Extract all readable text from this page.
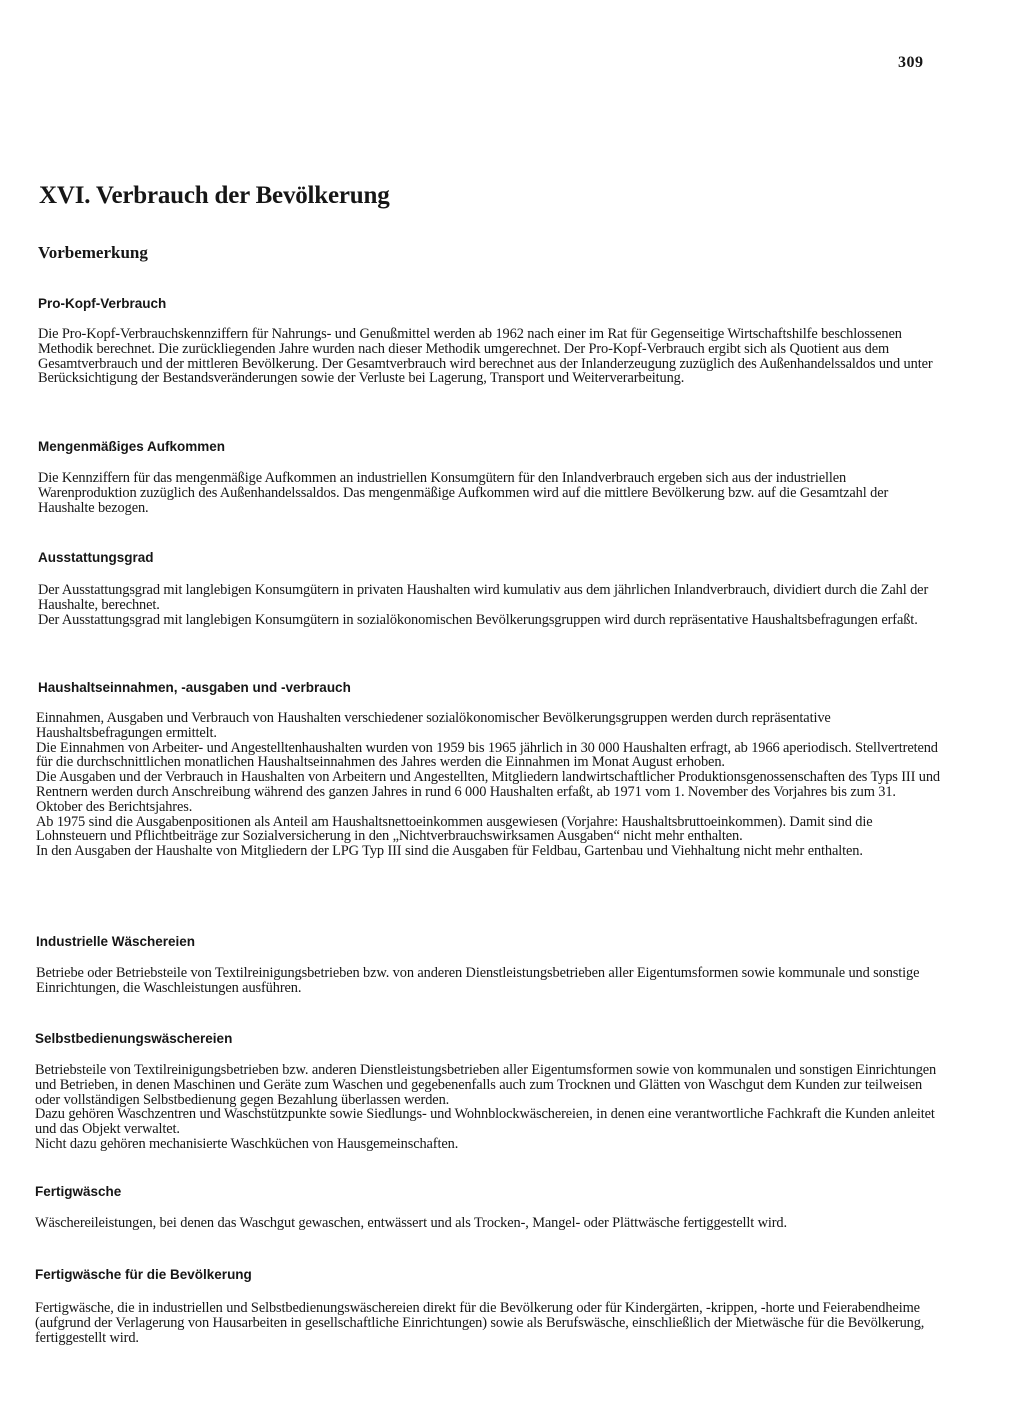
309
XVI. Verbrauch der Bevölkerung
Vorbemerkung
Pro-Kopf-Verbrauch

Die Pro-Kopf-Verbrauchskennziffern für Nahrungs- und Genußmittel werden ab 1962 nach einer im Rat für Gegenseitige Wirtschaftshilfe beschlossenen Methodik berechnet. Die zurückliegenden Jahre wurden nach dieser Methodik umgerechnet. Der Pro-Kopf-Verbrauch ergibt sich als Quotient aus dem Gesamtverbrauch und der mittleren Bevölkerung. Der Gesamtverbrauch wird berechnet aus der Inlanderzeugung zuzüglich des Außenhandelssaldos und unter Berücksichtigung der Bestandsveränderungen sowie der Verluste bei Lagerung, Transport und Weiterverarbeitung.

Mengenmäßiges Aufkommen

Die Kennziffern für das mengenmäßige Aufkommen an industriellen Konsumgütern für den Inlandverbrauch ergeben sich aus der industriellen Warenproduktion zuzüglich des Außenhandelssaldos. Das mengenmäßige Aufkommen wird auf die mittlere Bevölkerung bzw. auf die Gesamtzahl der Haushalte bezogen.

Ausstattungsgrad

Der Ausstattungsgrad mit langlebigen Konsumgütern in privaten Haushalten wird kumulativ aus dem jährlichen Inlandverbrauch, dividiert durch die Zahl der Haushalte, berechnet.

Der Ausstattungsgrad mit langlebigen Konsumgütern in sozialökonomischen Bevölkerungsgruppen wird durch repräsentative Haushaltsbefragungen erfaßt.

Haushaltseinnahmen, -ausgaben und -verbrauch

Einnahmen, Ausgaben und Verbrauch von Haushalten verschiedener sozialökonomischer Bevölkerungsgruppen werden durch repräsentative Haushaltsbefragungen ermittelt.

Die Einnahmen von Arbeiter- und Angestelltenhaushalten wurden von 1959 bis 1965 jährlich in 30 000 Haushalten erfragt, ab 1966 aperiodisch. Stellvertretend für die durchschnittlichen monatlichen Haushaltseinnahmen des Jahres werden die Einnahmen im Monat August erhoben.

Die Ausgaben und der Verbrauch in Haushalten von Arbeitern und Angestellten, Mitgliedern landwirtschaftlicher Produktionsgenossenschaften des Typs III und Rentnern werden durch Anschreibung während des ganzen Jahres in rund 6 000 Haushalten erfaßt, ab 1971 vom 1. November des Vorjahres bis zum 31. Oktober des Berichtsjahres.

Ab 1975 sind die Ausgabenpositionen als Anteil am Haushaltsnettoeinkommen ausgewiesen (Vorjahre: Haushaltsbruttoeinkommen). Damit sind die Lohnsteuern und Pflichtbeiträge zur Sozialversicherung in den „Nichtverbrauchswirksamen Ausgaben“ nicht mehr enthalten.

In den Ausgaben der Haushalte von Mitgliedern der LPG Typ III sind die Ausgaben für Feldbau, Gartenbau und Viehhaltung nicht mehr enthalten.

Industrielle Wäschereien

Betriebe oder Betriebsteile von Textilreinigungsbetrieben bzw. von anderen Dienstleistungsbetrieben aller Eigentumsformen sowie kommunale und sonstige Einrichtungen, die Waschleistungen ausführen.

Selbstbedienungswäschereien

Betriebsteile von Textilreinigungsbetrieben bzw. anderen Dienstleistungsbetrieben aller Eigentumsformen sowie von kommunalen und sonstigen Einrichtungen und Betrieben, in denen Maschinen und Geräte zum Waschen und gegebenenfalls auch zum Trocknen und Glätten von Waschgut dem Kunden zur teilweisen oder vollständigen Selbstbedienung gegen Bezahlung überlassen werden.

Dazu gehören Waschzentren und Waschstützpunkte sowie Siedlungs- und Wohnblockwäschereien, in denen eine verantwortliche Fachkraft die Kunden anleitet und das Objekt verwaltet.

Nicht dazu gehören mechanisierte Waschküchen von Hausgemeinschaften.

Fertigwäsche

Wäschereileistungen, bei denen das Waschgut gewaschen, entwässert und als Trocken-, Mangel- oder Plättwäsche fertiggestellt wird.

Fertigwäsche für die Bevölkerung

Fertigwäsche, die in industriellen und Selbstbedienungswäschereien direkt für die Bevölkerung oder für Kindergärten, -krippen, -horte und Feierabendheime (aufgrund der Verlagerung von Hausarbeiten in gesellschaftliche Einrichtungen) sowie als Berufswäsche, einschließlich der Mietwäsche für die Bevölkerung, fertiggestellt wird.
